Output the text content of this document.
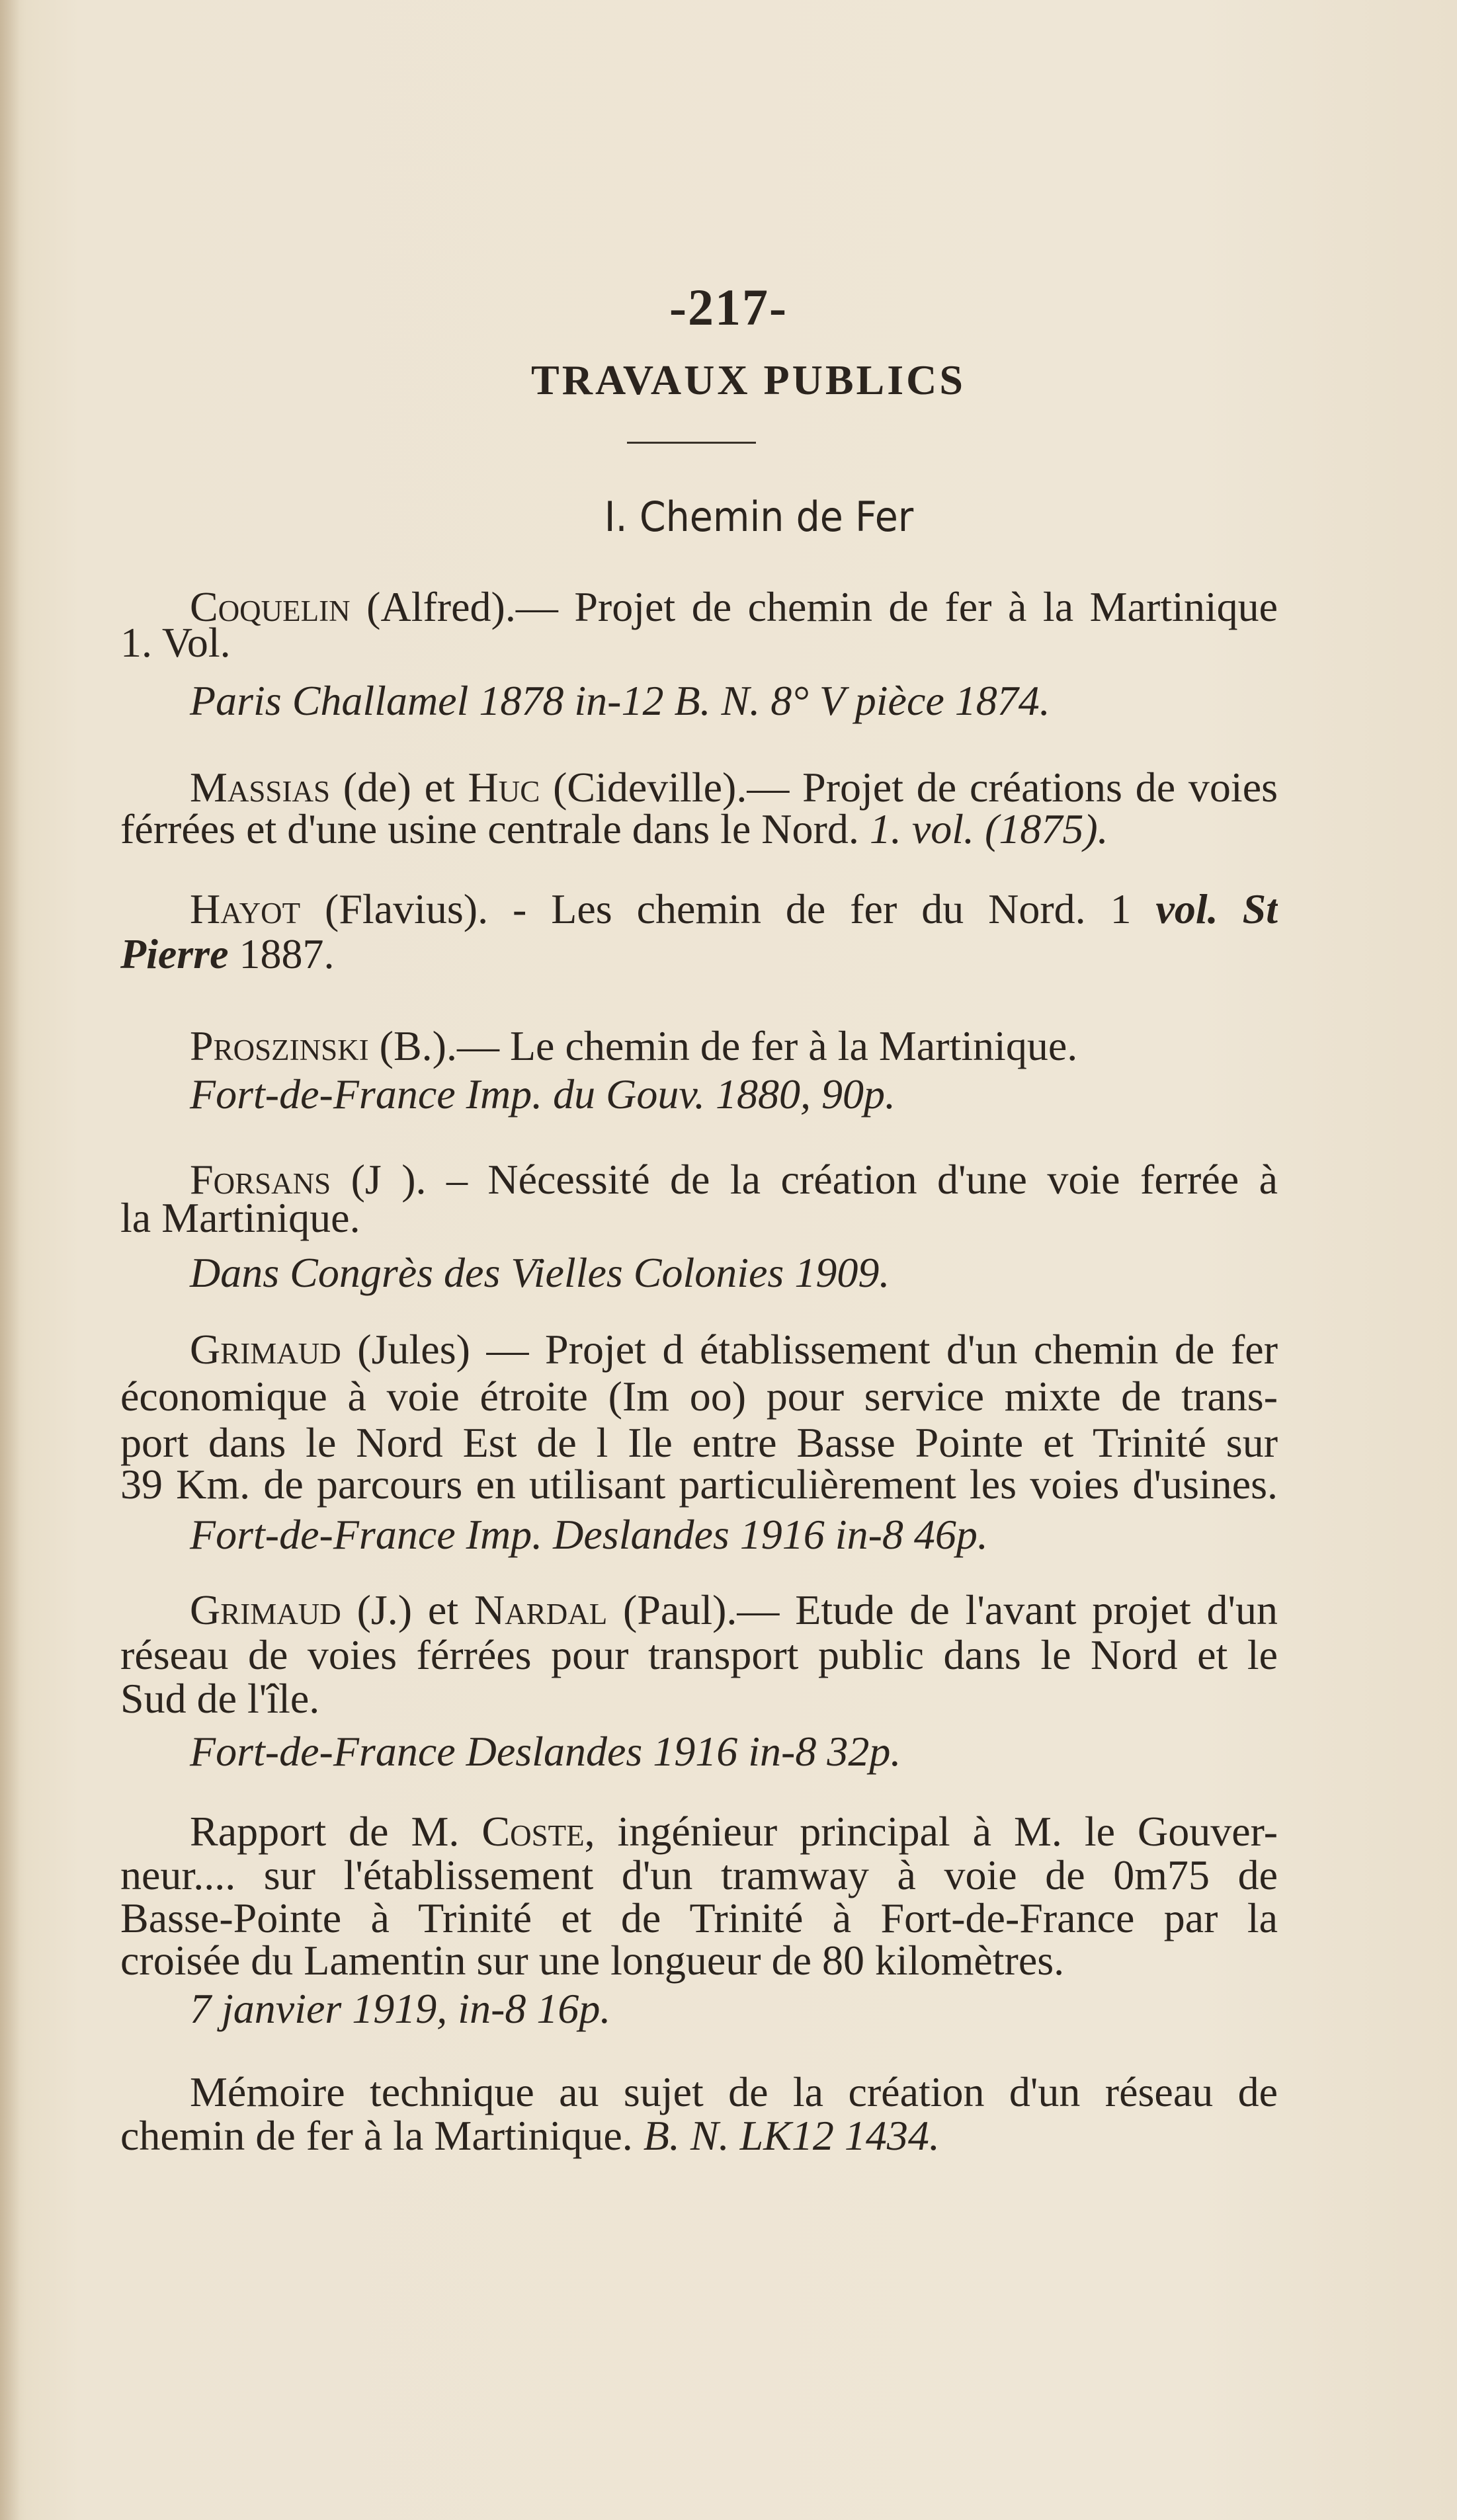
-217-
TRAVAUX PUBLICS
I. Chemin de Fer
Coquelin (Alfred).— Projet de chemin de fer à la Martinique
1. Vol.
Paris Challamel 1878 in-12 B. N. 8° V pièce 1874.
Massias (de) et Huc (Cideville).— Projet de créations de voies
férrées et d'une usine centrale dans le Nord. 1. vol. (1875).
Hayot (Flavius). - Les chemin de fer du Nord. 1 vol. St
Pierre 1887.
Proszinski (B.).— Le chemin de fer à la Martinique.
Fort-de-France Imp. du Gouv. 1880, 90p.
Forsans (J ). – Nécessité de la création d'une voie ferrée à
la Martinique.
Dans Congrès des Vielles Colonies 1909.
Grimaud (Jules) — Projet d établissement d'un chemin de fer
économique à voie étroite (Im oo) pour service mixte de trans-
port dans le Nord Est de l Ile entre Basse Pointe et Trinité sur
39 Km. de parcours en utilisant particulièrement les voies d'usines.
Fort-de-France Imp. Deslandes 1916 in-8 46p.
Grimaud (J.) et Nardal (Paul).— Etude de l'avant projet d'un
réseau de voies férrées pour transport public dans le Nord et le
Sud de l'île.
Fort-de-France Deslandes 1916 in-8 32p.
Rapport de M. Coste, ingénieur principal à M. le Gouver-
neur.... sur l'établissement d'un tramway à voie de 0m75 de
Basse-Pointe à Trinité et de Trinité à Fort-de-France par la
croisée du Lamentin sur une longueur de 80 kilomètres.
7 janvier 1919, in-8 16p.
Mémoire technique au sujet de la création d'un réseau de
chemin de fer à la Martinique. B. N. LK12 1434.
